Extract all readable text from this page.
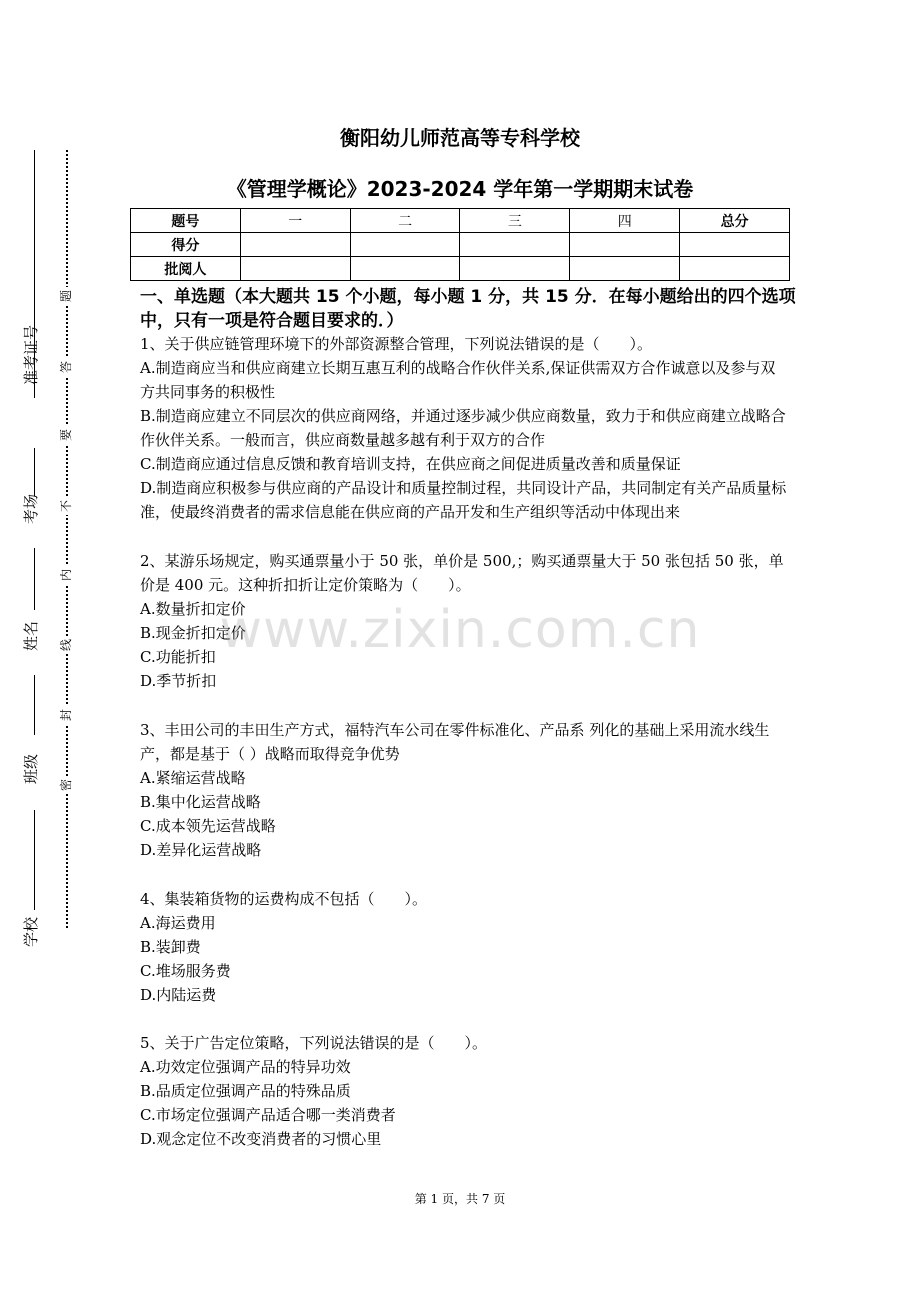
准考证号
考场
姓名
班级
学校
题
答
要
不
内
线
封
密
衡阳幼儿师范高等专科学校
《管理学概论》2023-2024 学年第一学期期末试卷
题号	一	二	三	四	总分
得分					
批阅人					
一、单选题（本大题共 15 个小题，每小题 1 分，共 15 分．在每小题给出的四个选项中，只有一项是符合题目要求的．）

1、关于供应链管理环境下的外部资源整合管理，下列说法错误的是（　　）。

A.制造商应当和供应商建立长期互惠互利的战略合作伙伴关系,保证供需双方合作诚意以及参与双方共同事务的积极性

B.制造商应建立不同层次的供应商网络，并通过逐步减少供应商数量，致力于和供应商建立战略合作伙伴关系。一般而言，供应商数量越多越有利于双方的合作

C.制造商应通过信息反馈和教育培训支持，在供应商之间促进质量改善和质量保证

D.制造商应积极参与供应商的产品设计和质量控制过程，共同设计产品，共同制定有关产品质量标准，使最终消费者的需求信息能在供应商的产品开发和生产组织等活动中体现出来

2、某游乐场规定，购买通票量小于 50 张，单价是 500,；购买通票量大于 50 张包括 50 张，单价是 400 元。这种折扣折让定价策略为（　　）。

A.数量折扣定价

B.现金折扣定价

C.功能折扣

D.季节折扣

3、丰田公司的丰田生产方式，福特汽车公司在零件标准化、产品系 列化的基础上采用流水线生产，都是基于（ ）战略而取得竞争优势

A.紧缩运营战略

B.集中化运营战略

C.成本领先运营战略

D.差异化运营战略

4、集装箱货物的运费构成不包括（　　）。

A.海运费用

B.装卸费

C.堆场服务费

D.内陆运费

5、关于广告定位策略，下列说法错误的是（　　）。

A.功效定位强调产品的特异功效

B.品质定位强调产品的特殊品质

C.市场定位强调产品适合哪一类消费者

D.观念定位不改变消费者的习惯心里

www.zixin.com.cn
第 1 页，共 7 页
